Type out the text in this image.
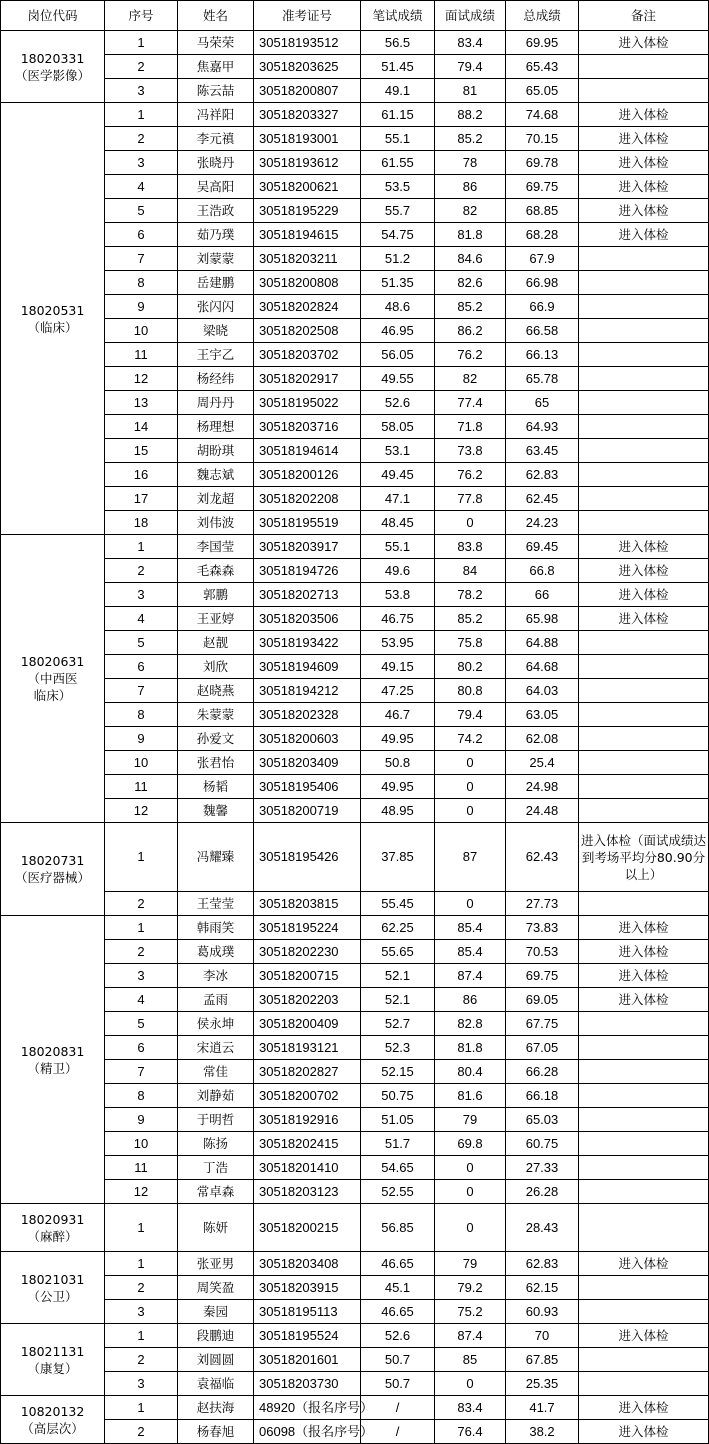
岗位代码	序号	姓名	准考证号	笔试成绩	面试成绩	总成绩	备注

18020331
（医学影像）	1	马荣荣	30518193512	56.5	83.4	69.95	进入体检
	2	焦嘉甲	30518203625	51.45	79.4	65.43	
	3	陈云喆	30518200807	49.1	81	65.05	

18020531
（临床）	1	冯祥阳	30518203327	61.15	88.2	74.68	进入体检
	2	李元禛	30518193001	55.1	85.2	70.15	进入体检
	3	张晓丹	30518193612	61.55	78	69.78	进入体检
	4	吴高阳	30518200621	53.5	86	69.75	进入体检
	5	王浩政	30518195229	55.7	82	68.85	进入体检
	6	茹乃璞	30518194615	54.75	81.8	68.28	进入体检
	7	刘蒙蒙	30518203211	51.2	84.6	67.9	
	8	岳建鹏	30518200808	51.35	82.6	66.98	
	9	张闪闪	30518202824	48.6	85.2	66.9	
	10	梁晓	30518202508	46.95	86.2	66.58	
	11	王宇乙	30518203702	56.05	76.2	66.13	
	12	杨经纬	30518202917	49.55	82	65.78	
	13	周丹丹	30518195022	52.6	77.4	65	
	14	杨理想	30518203716	58.05	71.8	64.93	
	15	胡盼琪	30518194614	53.1	73.8	63.45	
	16	魏志斌	30518200126	49.45	76.2	62.83	
	17	刘龙超	30518202208	47.1	77.8	62.45	
	18	刘伟波	30518195519	48.45	0	24.23	

18020631
（中西医
临床）	1	李国莹	30518203917	55.1	83.8	69.45	进入体检
	2	毛森森	30518194726	49.6	84	66.8	进入体检
	3	郭鹏	30518202713	53.8	78.2	66	进入体检
	4	王亚婷	30518203506	46.75	85.2	65.98	进入体检
	5	赵靓	30518193422	53.95	75.8	64.88	
	6	刘欣	30518194609	49.15	80.2	64.68	
	7	赵晓燕	30518194212	47.25	80.8	64.03	
	8	朱蒙蒙	30518202328	46.7	79.4	63.05	
	9	孙爱文	30518200603	49.95	74.2	62.08	
	10	张君怡	30518203409	50.8	0	25.4	
	11	杨韬	30518195406	49.95	0	24.98	
	12	魏馨	30518200719	48.95	0	24.48	

18020731
（医疗器械）	1	冯耀臻	30518195426	37.85	87	62.43	进入体检（面试成绩达到考场平均分80.90分以上）
	2	王莹莹	30518203815	55.45	0	27.73	

18020831
（精卫）	1	韩雨笑	30518195224	62.25	85.4	73.83	进入体检
	2	葛成璞	30518202230	55.65	85.4	70.53	进入体检
	3	李冰	30518200715	52.1	87.4	69.75	进入体检
	4	孟雨	30518202203	52.1	86	69.05	进入体检
	5	侯永坤	30518200409	52.7	82.8	67.75	
	6	宋逍云	30518193121	52.3	81.8	67.05	
	7	常佳	30518202827	52.15	80.4	66.28	
	8	刘静茹	30518200702	50.75	81.6	66.18	
	9	于明哲	30518192916	51.05	79	65.03	
	10	陈扬	30518202415	51.7	69.8	60.75	
	11	丁浩	30518201410	54.65	0	27.33	
	12	常卓森	30518203123	52.55	0	26.28	

18020931
（麻醉）	1	陈妍	30518200215	56.85	0	28.43	

18021031
（公卫）	1	张亚男	30518203408	46.65	79	62.83	进入体检
	2	周笑盈	30518203915	45.1	79.2	62.15	
	3	秦园	30518195113	46.65	75.2	60.93	

18021131
（康复）	1	段鹏迪	30518195524	52.6	87.4	70	进入体检
	2	刘圆圆	30518201601	50.7	85	67.85	
	3	袁福临	30518203730	50.7	0	25.35	

10820132
（高层次）	1	赵扶海	48920（报名序号）	/	83.4	41.7	进入体检
	2	杨春旭	06098（报名序号）	/	76.4	38.2	进入体检
